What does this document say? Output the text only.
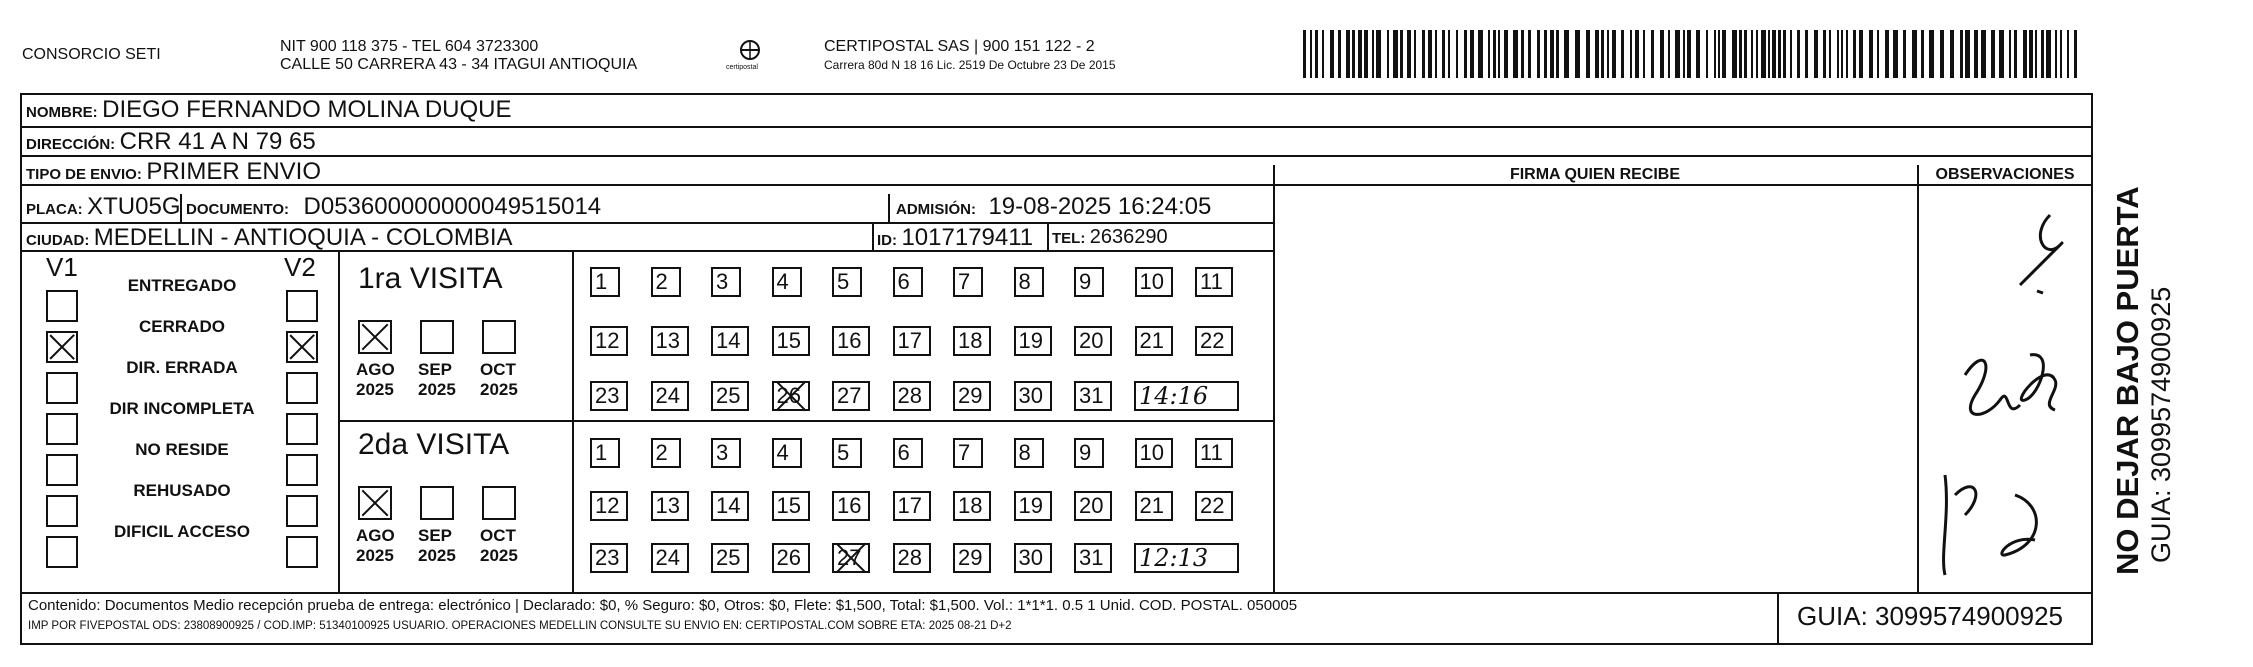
CONSORCIO SETI	NIT 900 118 375 - TEL 604 3723300
CALLE 50 CARRERA 43 - 34 ITAGUI ANTIOQUIA	certipostal
CERTIPOSTAL SAS | 900 151 122 - 2
Carrera 80d N 18 16 Lic. 2519 De Octubre 23 De 2015
NOMBRE: DIEGO FERNANDO MOLINA DUQUE
DIRECCIÓN: CRR 41 A N 79 65
TIPO DE ENVIO: PRIMER ENVIO	FIRMA QUIEN RECIBE	OBSERVACIONES
PLACA: XTU05G DOCUMENTO: D053600000000049515014	ADMISIÓN: 19-08-2025 16:24:05
CIUDAD: MEDELLIN - ANTIOQUIA - COLOMBIA	ID: 1017179411 TEL: 2636290
V1	V2 1ra VISITA
2da VISITA
Contenido: Documentos Medio recepción prueba de entrega: electrónico | Declarado: $0, % Seguro: $0, Otros: $0, Flete: $1,500, Total: $1,500. Vol.: 1*1*1. 0.5 1 Unid. COD. POSTAL. 050005
IMP POR FIVEPOSTAL ODS: 23808900925 / COD.IMP: 51340100925 USUARIO. OPERACIONES MEDELLIN CONSULTE SU ENVIO EN: CERTIPOSTAL.COM SOBRE ETA: 2025 08-21 D+2	GUIA: 3099574900925
NO DEJAR BAJO PUERTA GUIA: 3099574900925
ENTREGADO
CERRADO
DIR. ERRADA
DIR INCOMPLETA
NO RESIDE
REHUSADO
DIFICIL ACCESO
AGO
2025
SEP
2025
OCT
2025
AGO
2025
SEP
2025
OCT
2025
1	2	3	4	5	6	7	8	9	10	11
12	13	14	15	16	17	18	19	20	21	22
23	24	25	26	27	28	29	30	31	14:16
1	2	3	4	5	6	7	8	9	10	11
12	13	14	15	16	17	18	19	20	21	22
23	24	25	26	27	28	29	30	31	12:13
